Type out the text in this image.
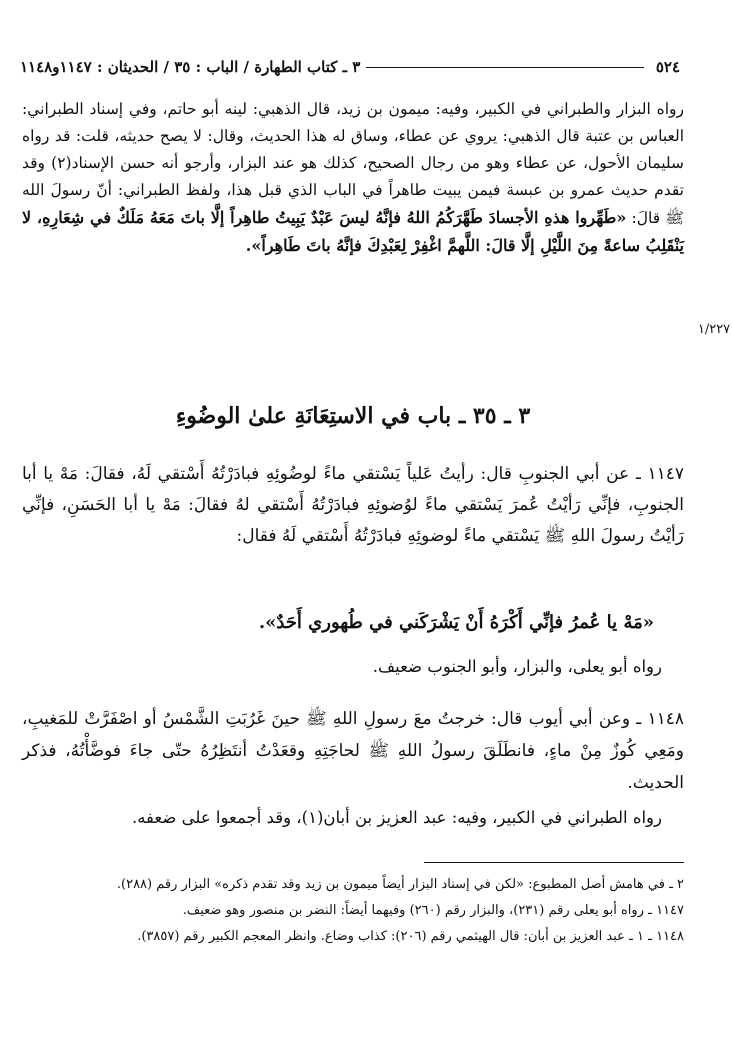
٥٢٤
٣ ـ كتاب الطهارة / الباب : ٣٥ / الحديثان : ١١٤٧و١١٤٨
رواه البزار والطبراني في الكبير، وفيه: ميمون بن زيد، قال الذهبي: لينه أبو حاتم، وفي إسناد الطبراني: العباس بن عتبة قال الذهبي: يروي عن عطاء، وساق له هذا الحديث، وقال: لا يصح حديثه، قلت: قد رواه سليمان الأحول، عن عطاء وهو من رجال الصحيح، كذلك هو عند البزار، وأرجو أنه حسن الإسناد(٢) وقد تقدم حديث عمرو بن عبسة فيمن يبيت طاهراً في الباب الذي قبل هذا، ولفظ الطبراني: أنّ رسولَ الله ﷺ قالَ: «طَهِّروا هذهِ الأجسادَ طَهَّرَكُمُ اللهُ فإنَّهُ ليسَ عَبْدٌ يَبِيتُ طاهِراً إلَّا باتَ مَعَهُ مَلَكٌ في شِعَارِهِ، لا يَنْقَلِبُ ساعةً مِنَ اللَّيْلِ إلَّا قالَ: اللَّهمَّ اغْفِرْ لِعَبْدِكَ فإنَّهُ باتَ طَاهِراً».
١/٢٢٧
٣ ـ ٣٥ ـ باب في الاستِعَانَةِ علىٰ الوضُوءِ
١١٤٧ ـ عن أبي الجنوبِ قال: رأيتُ عَلياً يَسْتقي ماءً لوضُوئِهِ فبادَرْتُهُ أَسْتقي لَهُ، فقالَ: مَهْ يا أبا الجنوبِ، فإنِّي رَأيْتُ عُمرَ يَسْتقي ماءً لوُضوئِهِ فبادَرْتُهُ أَسْتقي لهُ فقالَ: مَهْ يا أبا الحَسَنِ، فإنِّي رَأيْتُ رسولَ اللهِ ﷺ يَسْتقي ماءً لوضوئِهِ فبادَرْتُهُ أَسْتقي لَهُ فقال:
«مَهْ يا عُمرُ فإنِّي أَكْرَهُ أَنْ يَشْرَكَني في طُهوري أَحَدٌ».
رواه أبو يعلى، والبزار، وأبو الجنوب ضعيف.
١١٤٨ ـ وعن أبي أيوب قال: خرجتُ معَ رسولِ اللهِ ﷺ حينَ غَرُبَتِ الشَّمْسُ أو اصْفَرَّتْ للمَغيبِ، ومَعِي كُوزٌ مِنْ ماءٍ، فانطَلَقَ رسولُ اللهِ ﷺ لحاجَتِهِ وقعَدْتُ أنتَظِرُهُ حتّى جاءَ فوضَّأْتُهُ، فذكر الحديث.
رواه الطبراني في الكبير، وفيه: عبد العزيز بن أبان(١)، وقد أجمعوا على ضعفه.

٢ ـ في هامش أصل المطبوع: «لكن في إسناد البزار أيضاً ميمون بن زيد وقد تقدم ذكره» البزار رقم (٢٨٨).

١١٤٧ ـ رواه أبو يعلى رقم (٢٣١)، والبزار رقم (٢٦٠) وفيهما أيضاً: النضر بن منصور وهو ضعيف.

١١٤٨ ـ ١ ـ عبد العزيز بن أبان: قال الهيثمي رقم (٢٠٦): كذاب وضاع. وانظر المعجم الكبير رقم (٣٨٥٧).
